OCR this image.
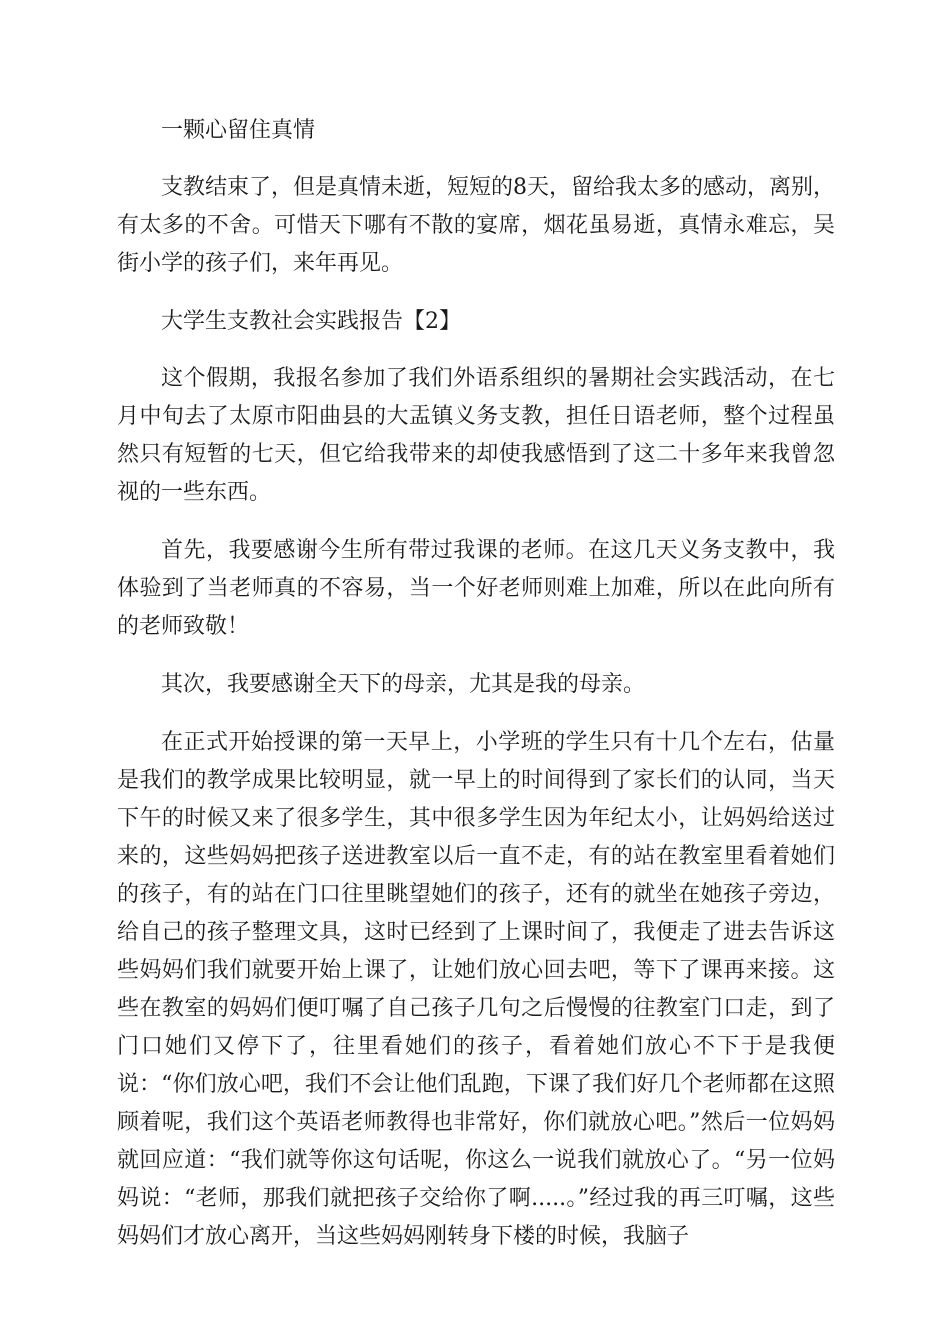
一颗心留住真情

支教结束了，但是真情未逝，短短的8天，留给我太多的感动，离别，有太多的不舍。可惜天下哪有不散的宴席，烟花虽易逝，真情永难忘，吴街小学的孩子们，来年再见。

大学生支教社会实践报告【2】

这个假期，我报名参加了我们外语系组织的暑期社会实践活动，在七月中旬去了太原市阳曲县的大盂镇义务支教，担任日语老师，整个过程虽然只有短暂的七天，但它给我带来的却使我感悟到了这二十多年来我曾忽视的一些东西。

首先，我要感谢今生所有带过我课的老师。在这几天义务支教中，我体验到了当老师真的不容易，当一个好老师则难上加难，所以在此向所有的老师致敬！

其次，我要感谢全天下的母亲，尤其是我的母亲。

在正式开始授课的第一天早上，小学班的学生只有十几个左右，估量是我们的教学成果比较明显，就一早上的时间得到了家长们的认同，当天下午的时候又来了很多学生，其中很多学生因为年纪太小，让妈妈给送过来的，这些妈妈把孩子送进教室以后一直不走，有的站在教室里看着她们的孩子，有的站在门口往里眺望她们的孩子，还有的就坐在她孩子旁边，给自己的孩子整理文具，这时已经到了上课时间了，我便走了进去告诉这些妈妈们我们就要开始上课了，让她们放心回去吧，等下了课再来接。这些在教室的妈妈们便叮嘱了自己孩子几句之后慢慢的往教室门口走，到了门口她们又停下了，往里看她们的孩子，看着她们放心不下于是我便说：“你们放心吧，我们不会让他们乱跑，下课了我们好几个老师都在这照顾着呢，我们这个英语老师教得也非常好，你们就放心吧。”然后一位妈妈就回应道：“我们就等你这句话呢，你这么一说我们就放心了。“另一位妈妈说：“老师，那我们就把孩子交给你了啊.....。”经过我的再三叮嘱，这些妈妈们才放心离开，当这些妈妈刚转身下楼的时候，我脑子
